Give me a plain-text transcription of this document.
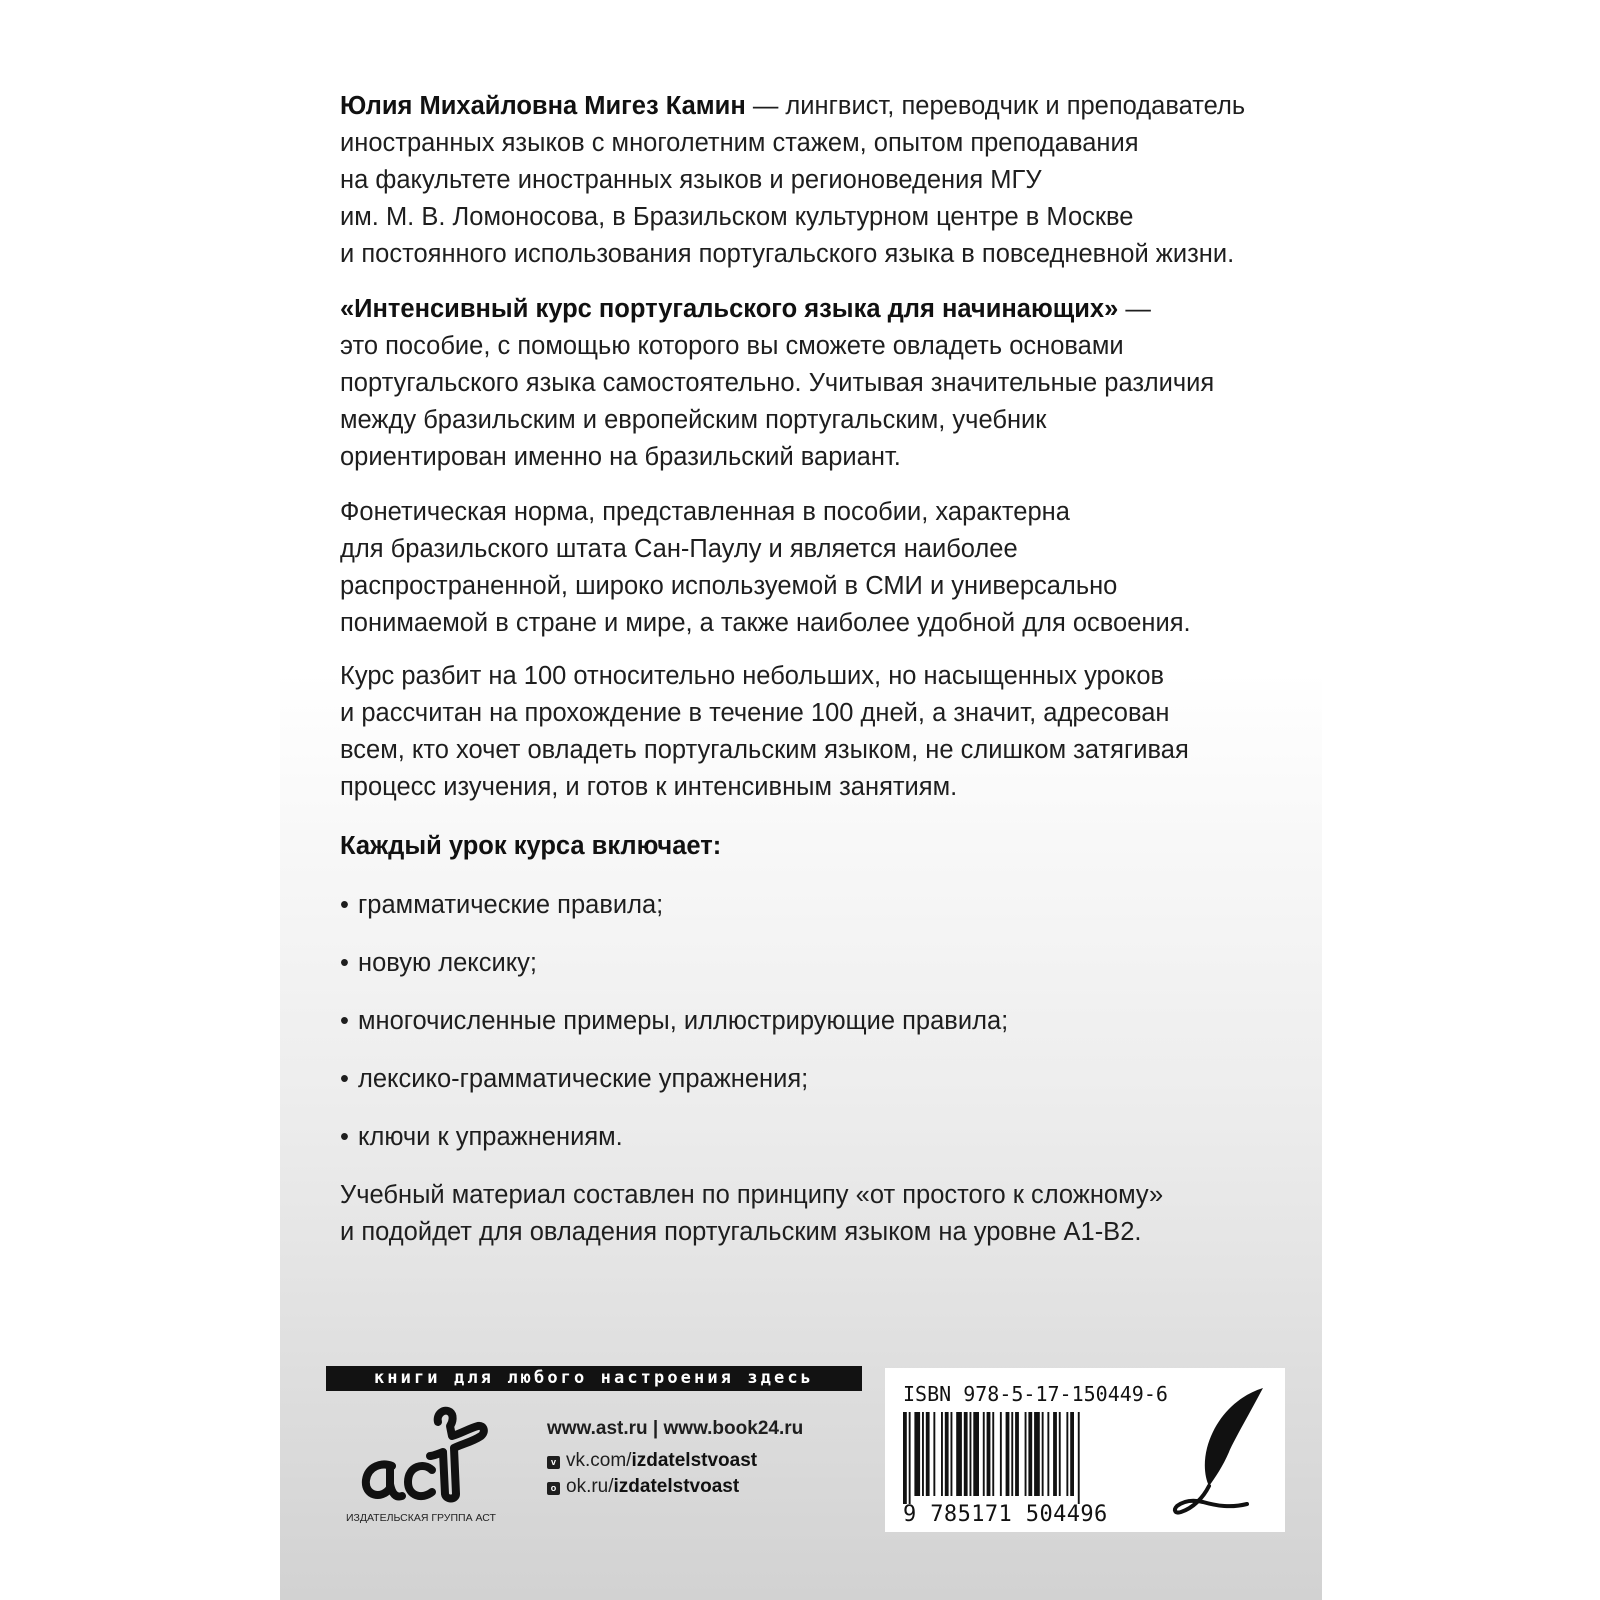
Юлия Михайловна Мигез Камин — лингвист, переводчик и преподаватель
иностранных языков с многолетним стажем, опытом преподавания
на факультете иностранных языков и регионоведения МГУ
им. М. В. Ломоносова, в Бразильском культурном центре в Москве
и постоянного использования португальского языка в повседневной жизни.
«Интенсивный курс португальского языка для начинающих» —
это пособие, с помощью которого вы сможете овладеть основами
португальского языка самостоятельно. Учитывая значительные различия
между бразильским и европейским португальским, учебник
ориентирован именно на бразильский вариант.
Фонетическая норма, представленная в пособии, характерна
для бразильского штата Сан-Паулу и является наиболее
распространенной, широко используемой в СМИ и универсально
понимаемой в стране и мире, а также наиболее удобной для освоения.
Курс разбит на 100 относительно небольших, но насыщенных уроков
и рассчитан на прохождение в течение 100 дней, а значит, адресован
всем, кто хочет овладеть португальским языком, не слишком затягивая
процесс изучения, и готов к интенсивным занятиям.
Каждый урок курса включает:
• грамматические правила;
• новую лексику;
• многочисленные примеры, иллюстрирующие правила;
• лексико-грамматические упражнения;
• ключи к упражнениям.
Учебный материал составлен по принципу «от простого к сложному»
и подойдет для овладения португальским языком на уровне А1-В2.
книги для любого настроения здесь
ИЗДАТЕЛЬСКАЯ ГРУППА АСТ
www.ast.ru | www.book24.ru
v vk.com/izdatelstvoast
o ok.ru/izdatelstvoast
ISBN 978-5-17-150449-6
9 785171 504496
